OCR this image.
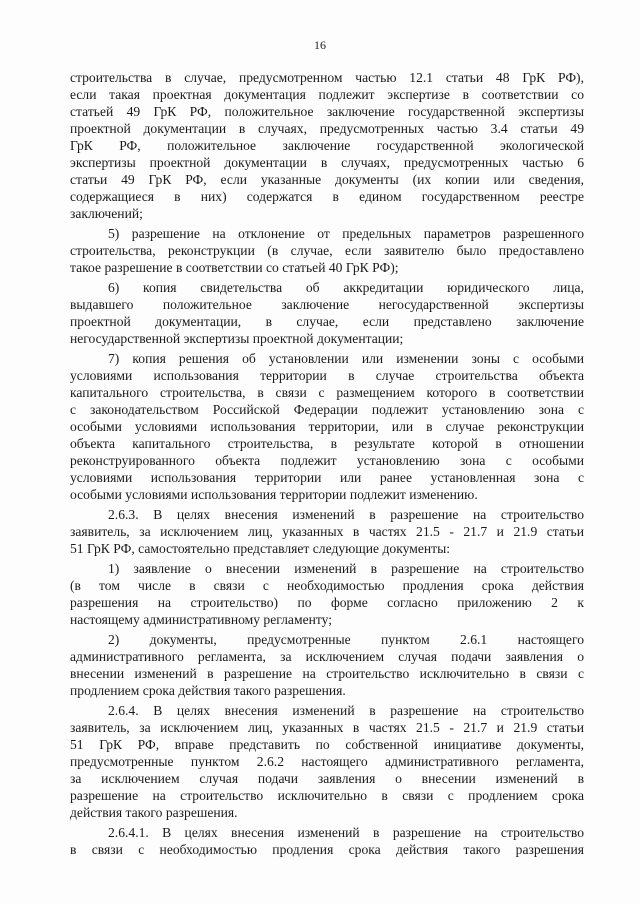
16
строительства в случае, предусмотренном частью 12.1 статьи 48 ГрК РФ),
если такая проектная документация подлежит экспертизе в соответствии со
статьей 49 ГрК РФ, положительное заключение государственной экспертизы
проектной документации в случаях, предусмотренных частью 3.4 статьи 49
ГрК РФ, положительное заключение государственной экологической
экспертизы проектной документации в случаях, предусмотренных частью 6
статьи 49 ГрК РФ, если указанные документы (их копии или сведения,
содержащиеся в них) содержатся в едином государственном реестре
заключений;
5) разрешение на отклонение от предельных параметров разрешенного
строительства, реконструкции (в случае, если заявителю было предоставлено
такое разрешение в соответствии со статьей 40 ГрК РФ);
6) копия свидетельства об аккредитации юридического лица,
выдавшего положительное заключение негосударственной экспертизы
проектной документации, в случае, если представлено заключение
негосударственной экспертизы проектной документации;
7) копия решения об установлении или изменении зоны с особыми
условиями использования территории в случае строительства объекта
капитального строительства, в связи с размещением которого в соответствии
с законодательством Российской Федерации подлежит установлению зона с
особыми условиями использования территории, или в случае реконструкции
объекта капитального строительства, в результате которой в отношении
реконструированного объекта подлежит установлению зона с особыми
условиями использования территории или ранее установленная зона с
особыми условиями использования территории подлежит изменению.
2.6.3. В целях внесения изменений в разрешение на строительство
заявитель, за исключением лиц, указанных в частях 21.5 - 21.7 и 21.9 статьи
51 ГрК РФ, самостоятельно представляет следующие документы:
1) заявление о внесении изменений в разрешение на строительство
(в том числе в связи с необходимостью продления срока действия
разрешения на строительство) по форме согласно приложению 2 к
настоящему административному регламенту;
2) документы, предусмотренные пунктом 2.6.1 настоящего
административного регламента, за исключением случая подачи заявления о
внесении изменений в разрешение на строительство исключительно в связи с
продлением срока действия такого разрешения.
2.6.4. В целях внесения изменений в разрешение на строительство
заявитель, за исключением лиц, указанных в частях 21.5 - 21.7 и 21.9 статьи
51 ГрК РФ, вправе представить по собственной инициативе документы,
предусмотренные пунктом 2.6.2 настоящего административного регламента,
за исключением случая подачи заявления о внесении изменений в
разрешение на строительство исключительно в связи с продлением срока
действия такого разрешения.
2.6.4.1. В целях внесения изменений в разрешение на строительство
в связи с необходимостью продления срока действия такого разрешения
